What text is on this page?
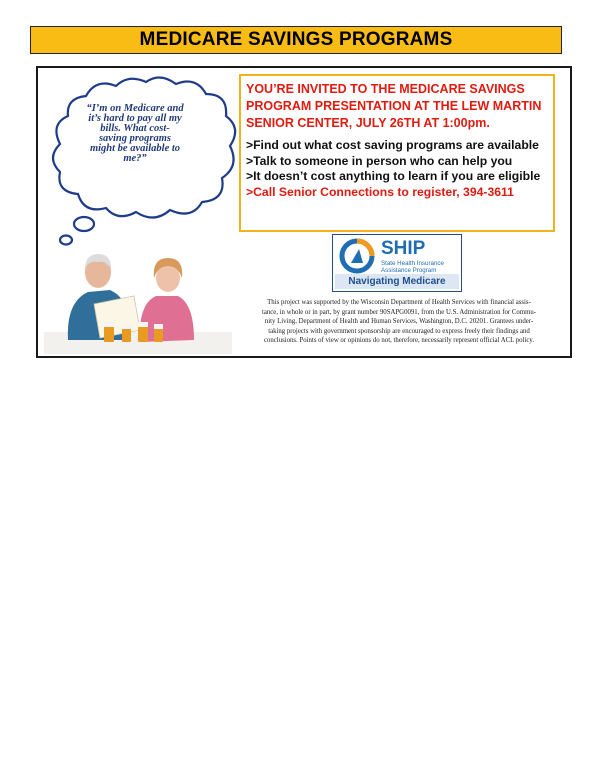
MEDICARE SAVINGS PROGRAMS
“I’m on Medicare and
it’s hard to pay all my
bills. What cost-
saving programs
might be available to
me?”
YOU’RE INVITED TO THE MEDICARE SAVINGS
PROGRAM PRESENTATION AT THE LEW MARTIN
SENIOR CENTER, JULY 26TH AT 1:00pm.
>Find out what cost saving programs are available
>Talk to someone in person who can help you
>It doesn’t cost anything to learn if you are eligible
>Call Senior Connections to register, 394-3611
SHIP
State Health Insurance
Assistance Program
Navigating Medicare
This project was supported by the Wisconsin Department of Health Services with financial assis-
tance, in whole or in part, by grant number 90SAPG0091, from the U.S. Administration for Commu-
nity Living, Department of Health and Human Services, Washington, D.C. 20201. Grantees under-
taking projects with government sponsorship are encouraged to express freely their findings and
conclusions. Points of view or opinions do not, therefore, necessarily represent official ACL policy.
